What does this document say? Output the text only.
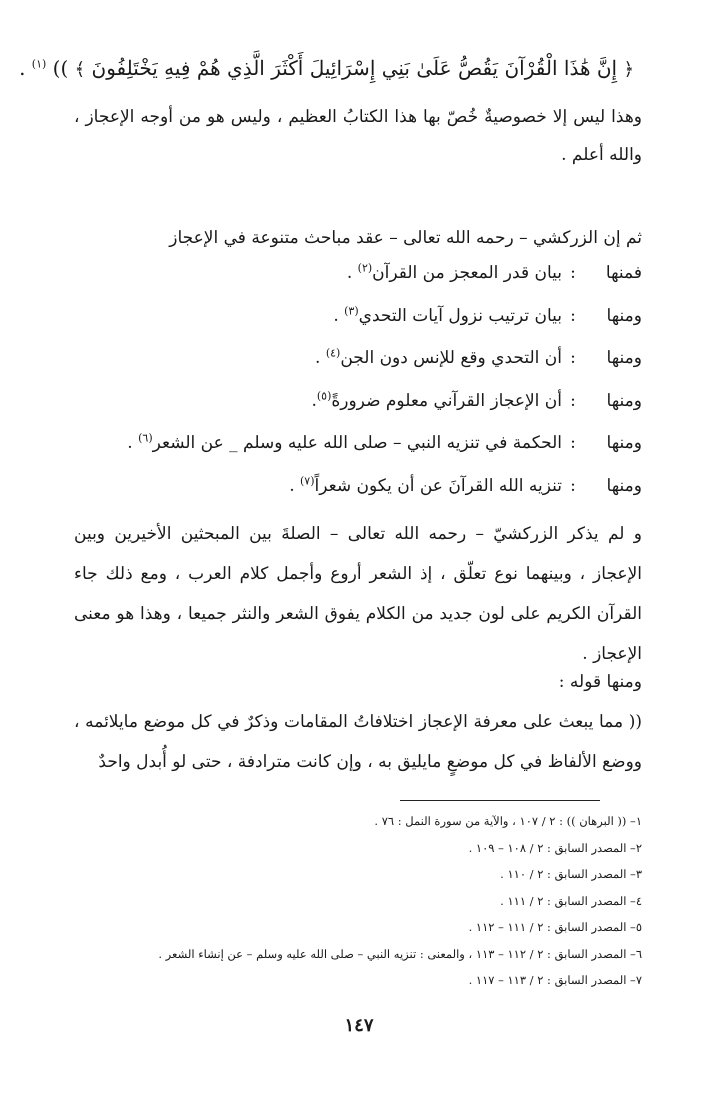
﴿ إِنَّ هَٰذَا الْقُرْآنَ يَقُصُّ عَلَىٰ بَنِي إِسْرَائِيلَ أَكْثَرَ الَّذِي هُمْ فِيهِ يَخْتَلِفُونَ ﴾ )) $^{(١)}$ .
وهذا ليس إلا خصوصيةٌ خُصّ بها هذا الكتابُ العظيم ، وليس هو من أوجه الإعجاز ، والله أعلم .
ثم إن الزركشي – رحمه الله تعالى – عقد مباحث متنوعة في الإعجاز
فمنها:بيان قدر المعجز من القرآن$^{(٢)}$ .
ومنها:بيان ترتيب نزول آيات التحدي$^{(٣)}$ .
ومنها:أن التحدي وقع للإنس دون الجن$^{(٤)}$ .
ومنها:أن الإعجاز القرآني معلوم ضرورةً$^{(٥)}$.
ومنها:الحكمة في تنزيه النبي – صلى الله عليه وسلم _ عن الشعر$^{(٦)}$ .
ومنها:تنزيه الله القرآنَ عن أن يكون شعراً$^{(٧)}$ .
و لم يذكر الزركشيّ – رحمه الله تعالى – الصلةَ بين المبحثين الأخيرين وبين الإعجاز ، وبينهما نوع تعلّق ، إذ الشعر أروع وأجمل كلام العرب ، ومع ذلك جاء القرآن الكريم على لون جديد من الكلام يفوق الشعر والنثر جميعا ، وهذا هو معنى الإعجاز .
ومنها قوله :
(( مما يبعث على معرفة الإعجاز اختلافاتُ المقامات وذكرٌ في كل موضع مايلائمه ، ووضع الألفاظ في كل موضعٍ مايليق به ، وإن كانت مترادفة ، حتى لو أُبدل واحدٌ
١– (( البرهان )) : ٢ / ١٠٧ ، والآية من سورة النمل : ٧٦ .
٢– المصدر السابق : ٢ / ١٠٨ – ١٠٩ .
٣– المصدر السابق : ٢ / ١١٠ .
٤– المصدر السابق : ٢ / ١١١ .
٥– المصدر السابق : ٢ / ١١١ – ١١٢ .
٦– المصدر السابق : ٢ / ١١٢ – ١١٣ ، والمعنى : تنزيه النبي – صلى الله عليه وسلم – عن إنشاء الشعر .
٧– المصدر السابق : ٢ / ١١٣ – ١١٧ .
١٤٧
